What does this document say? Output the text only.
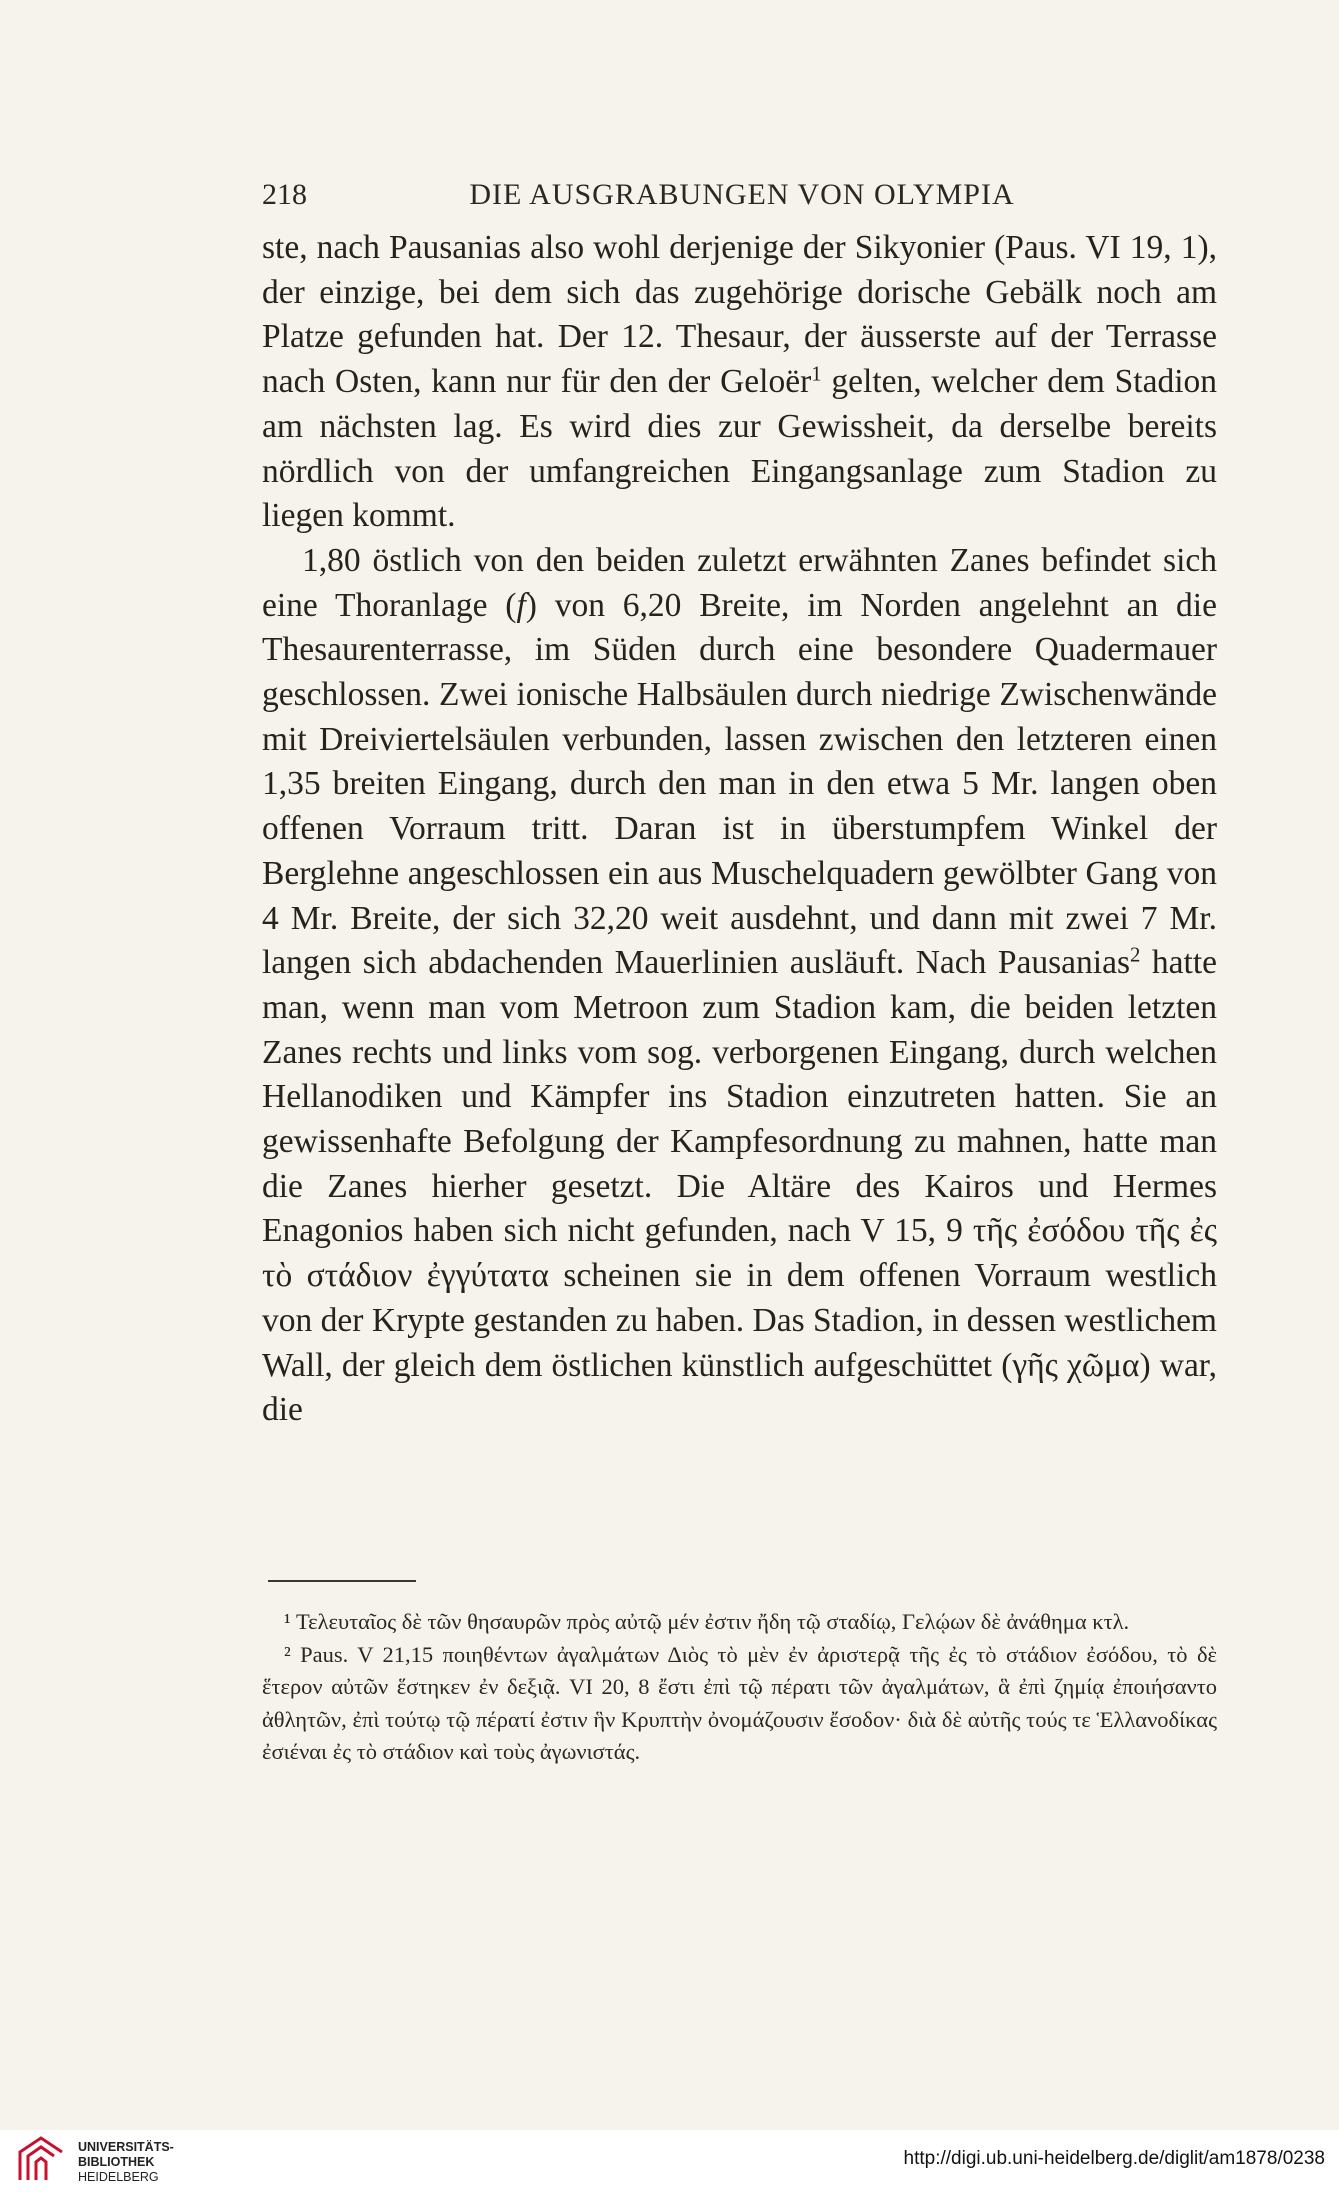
218	DIE AUSGRABUNGEN VON OLYMPIA

ste, nach Pausanias also wohl derjenige der Sikyonier (Paus. VI 19, 1), der einzige, bei dem sich das zugehörige dorische Gebälk noch am Platze gefunden hat. Der 12. Thesaur, der äusserste auf der Terrasse nach Osten, kann nur für den der Geloër$^1$ gelten, welcher dem Stadion am nächsten lag. Es wird dies zur Gewissheit, da derselbe bereits nördlich von der umfangreichen Eingangsanlage zum Stadion zu liegen kommt.

1,80 östlich von den beiden zuletzt erwähnten Zanes befindet sich eine Thoranlage (f) von 6,20 Breite, im Norden angelehnt an die Thesaurenterrasse, im Süden durch eine besondere Quadermauer geschlossen. Zwei ionische Halbsäulen durch niedrige Zwischenwände mit Dreiviertelsäulen verbunden, lassen zwischen den letzteren einen 1,35 breiten Eingang, durch den man in den etwa 5 Mr. langen oben offenen Vorraum tritt. Daran ist in überstumpfem Winkel der Berglehne angeschlossen ein aus Muschelquadern gewölbter Gang von 4 Mr. Breite, der sich 32,20 weit ausdehnt, und dann mit zwei 7 Mr. langen sich abdachenden Mauerlinien ausläuft. Nach Pausanias$^2$ hatte man, wenn man vom Metroon zum Stadion kam, die beiden letzten Zanes rechts und links vom sog. verborgenen Eingang, durch welchen Hellanodiken und Kämpfer ins Stadion einzutreten hatten. Sie an gewissenhafte Befolgung der Kampfesordnung zu mahnen, hatte man die Zanes hierher gesetzt. Die Altäre des Kairos und Hermes Enagonios haben sich nicht gefunden, nach V 15, 9 τῆς ἐσόδου τῆς ἐς τὸ στάδιον ἐγγύτατα scheinen sie in dem offenen Vorraum westlich von der Krypte gestanden zu haben. Das Stadion, in dessen westlichem Wall, der gleich dem östlichen künstlich aufgeschüttet (γῆς χῶμα) war, die

¹ Τελευταῖος δὲ τῶν θησαυρῶν πρὸς αὐτῷ μέν ἐστιν ἤδη τῷ σταδίῳ, Γελῴων δὲ ἀνάθημα κτλ.

² Paus. V 21,15 ποιηθέντων ἀγαλμάτων Διὸς τὸ μὲν ἐν ἀριστερᾷ τῆς ἐς τὸ στάδιον ἐσόδου, τὸ δὲ ἕτερον αὐτῶν ἕστηκεν ἐν δεξιᾷ. VI 20, 8 ἔστι ἐπὶ τῷ πέρατι τῶν ἀγαλμάτων, ἃ ἐπὶ ζημίᾳ ἐποιήσαντο ἀθλητῶν, ἐπὶ τούτῳ τῷ πέρατί ἐστιν ἣν Κρυπτὴν ὀνομάζουσιν ἔσοδον· διὰ δὲ αὐτῆς τούς τε Ἑλλανοδίκας ἐσιέναι ἐς τὸ στάδιον καὶ τοὺς ἀγωνιστάς.

UNIVERSITÄTS-
BIBLIOTHEK
HEIDELBERG
http://digi.ub.uni-heidelberg.de/diglit/am1878/0238
